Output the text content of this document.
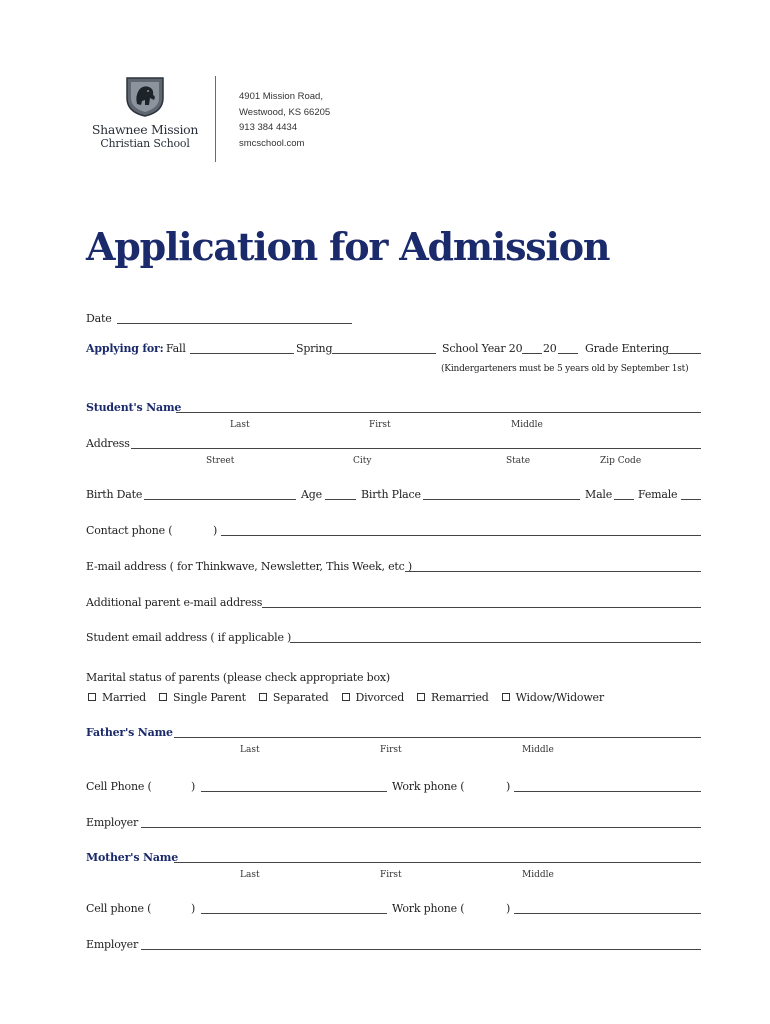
Shawnee Mission
Christian School
4901 Mission Road,
Westwood, KS 66205
913 384 4434
smcschool.com
Application for Admission
Date
Applying for: Fall	Spring	School Year 20 20	Grade Entering
(Kindergarteners must be 5 years old by September 1st)
Student's Name
Last	First	Middle
Address
Street	City	State	Zip Code
Birth Date	Age	Birth Place	Male Female
Contact phone (	)
E-mail address ( for Thinkwave, Newsletter, This Week, etc )
Additional parent e-mail address
Student email address ( if applicable )
Marital status of parents (please check appropriate box)
Married Single Parent Separated Divorced Remarried Widow/Widower
Father's Name
Last	First	Middle
Cell Phone (	)	Work phone (	)
Employer
Mother's Name
Last	First	Middle
Cell phone (	)	Work phone (	)
Employer
